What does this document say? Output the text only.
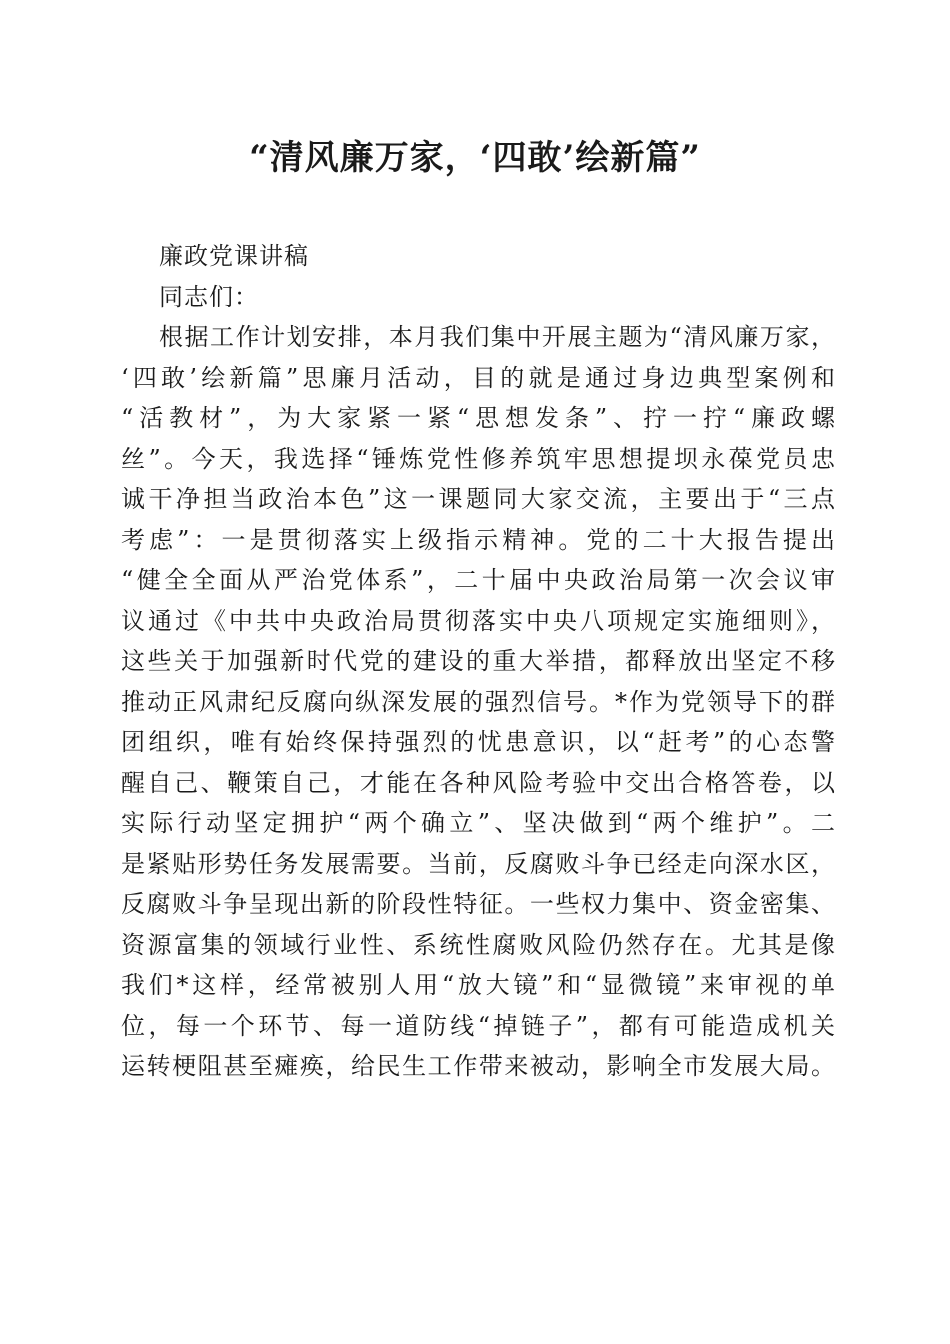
“清风廉万家，‘四敢’绘新篇”

廉政党课讲稿

同志们：

根据工作计划安排，本月我们集中开展主题为“清风廉万家，
‘四敢’绘新篇”思廉月活动，目的就是通过身边典型案例和
“活教材”，为大家紧一紧“思想发条”、拧一拧“廉政螺
丝”。今天，我选择“锤炼党性修养筑牢思想提坝永葆党员忠
诚干净担当政治本色”这一课题同大家交流，主要出于“三点
考虑”：一是贯彻落实上级指示精神。党的二十大报告提出
“健全全面从严治党体系”，二十届中央政治局第一次会议审
议通过《中共中央政治局贯彻落实中央八项规定实施细则》，
这些关于加强新时代党的建设的重大举措，都释放出坚定不移
推动正风肃纪反腐向纵深发展的强烈信号。*作为党领导下的群
团组织，唯有始终保持强烈的忧患意识，以“赶考”的心态警
醒自己、鞭策自己，才能在各种风险考验中交出合格答卷，以
实际行动坚定拥护“两个确立”、坚决做到“两个维护”。二
是紧贴形势任务发展需要。当前，反腐败斗争已经走向深水区，
反腐败斗争呈现出新的阶段性特征。一些权力集中、资金密集、
资源富集的领域行业性、系统性腐败风险仍然存在。尤其是像
我们*这样，经常被别人用“放大镜”和“显微镜”来审视的单
位，每一个环节、每一道防线“掉链子”，都有可能造成机关
运转梗阻甚至瘫痪，给民生工作带来被动，影响全市发展大局。
